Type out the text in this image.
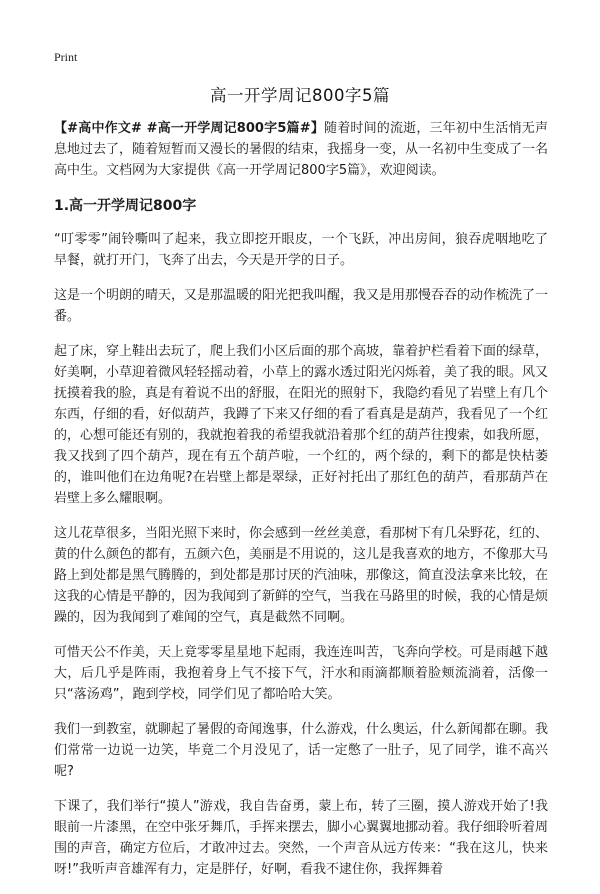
Print
高一开学周记800字5篇

【#高中作文# #高一开学周记800字5篇#】随着时间的流逝，三年初中生活悄无声息地过去了，随着短暂而又漫长的暑假的结束，我摇身一变，从一名初中生变成了一名高中生。文档网为大家提供《高一开学周记800字5篇》，欢迎阅读。

1.高一开学周记800字

“叮零零”闹铃嘶叫了起来，我立即挖开眼皮，一个飞跃，冲出房间，狼吞虎咽地吃了早餐，就打开门，飞奔了出去，今天是开学的日子。

这是一个明朗的晴天，又是那温暖的阳光把我叫醒，我又是用那慢吞吞的动作梳洗了一番。

起了床，穿上鞋出去玩了，爬上我们小区后面的那个高坡，靠着护栏看着下面的绿草，好美啊，小草迎着微风轻轻摇动着，小草上的露水透过阳光闪烁着，美了我的眼。风又抚摸着我的脸，真是有着说不出的舒服，在阳光的照射下，我隐约看见了岩壁上有几个东西，仔细的看，好似葫芦，我蹲了下来又仔细的看了看真是是葫芦，我看见了一个红的，心想可能还有别的，我就抱着我的希望我就沿着那个红的葫芦往搜索，如我所愿，我又找到了四个葫芦，现在有五个葫芦啦，一个红的，两个绿的，剩下的都是快枯萎的，谁叫他们在边角呢?在岩壁上都是翠绿，正好衬托出了那红色的葫芦，看那葫芦在岩壁上多么耀眼啊。

这儿花草很多，当阳光照下来时，你会感到一丝丝美意，看那树下有几朵野花，红的、黄的什么颜色的都有，五颜六色，美丽是不用说的，这儿是我喜欢的地方，不像那大马路上到处都是黑气腾腾的，到处都是那讨厌的汽油味，那像这，简直没法拿来比较，在这我的心情是平静的，因为我闻到了新鲜的空气，当我在马路里的时候，我的心情是烦躁的，因为我闻到了难闻的空气，真是截然不同啊。

可惜天公不作美，天上竟零零星星地下起雨，我连连叫苦，飞奔向学校。可是雨越下越大，后几乎是阵雨，我抱着身上气不接下气，汗水和雨滴都顺着脸颊流淌着，活像一只“落汤鸡”，跑到学校，同学们见了都哈哈大笑。

我们一到教室，就聊起了暑假的奇闻逸事，什么游戏，什么奥运，什么新闻都在聊。我们常常一边说一边笑，毕竟二个月没见了，话一定憋了一肚子，见了同学，谁不高兴呢?

下课了，我们举行“摸人”游戏，我自告奋勇，蒙上布，转了三圈，摸人游戏开始了!我眼前一片漆黑，在空中张牙舞爪，手挥来摆去，脚小心翼翼地挪动着。我仔细聆听着周围的声音，确定方位后，才敢冲过去。突然，一个声音从远方传来：“我在这儿，快来呀!”我听声音雄浑有力，定是胖仔，好啊，看我不逮住你，我挥舞着
